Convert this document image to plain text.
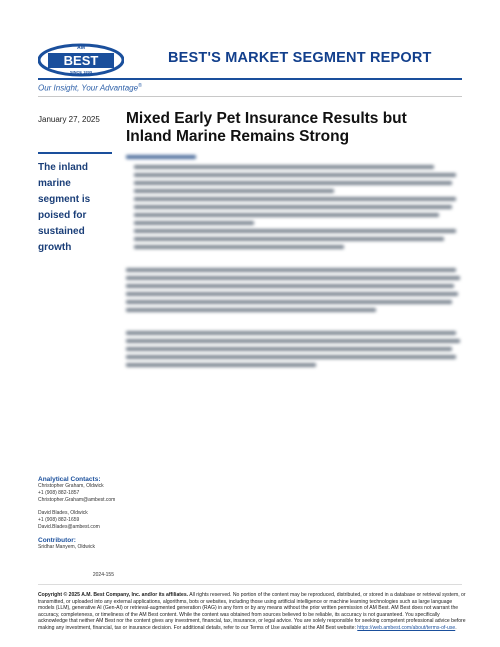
AM
BEST
SINCE 1899
BEST'S MARKET SEGMENT REPORT
Our Insight, Your Advantage®
January 27, 2025 Mixed Early Pet Insurance Results but Inland Marine Remains Strong
The inland marine segment is poised for sustained growth
Analytical Contacts:
Christopher Graham, Oldwick
+1 (908) 882-1857
Christopher.Graham@ambest.com
David Blades, Oldwick
+1 (908) 882-1659
David.Blades@ambest.com
Contributor:
Sridhar Manyem, Oldwick
2024-155
Copyright © 2025 A.M. Best Company, Inc. and/or its affiliates. All rights reserved. No portion of the content may be reproduced, distributed, or stored in a database or retrieval system, or transmitted, or uploaded into any external applications, algorithms, bots or websites, including those using artificial intelligence or machine learning technologies such as large language models (LLM), generative AI (Gen-AI) or retrieval-augmented generation (RAG) in any form or by any means without the prior written permission of AM Best. AM Best does not warrant the accuracy, completeness, or timeliness of the AM Best content. While the content was obtained from sources believed to be reliable, its accuracy is not guaranteed. You specifically acknowledge that neither AM Best nor the content gives any investment, financial, tax, insurance, or legal advice. You are solely responsible for seeking competent professional advice before making any investment, financial, tax or insurance decision. For additional details, refer to our Terms of Use available at the AM Best website: https://web.ambest.com/about/terms-of-use.
